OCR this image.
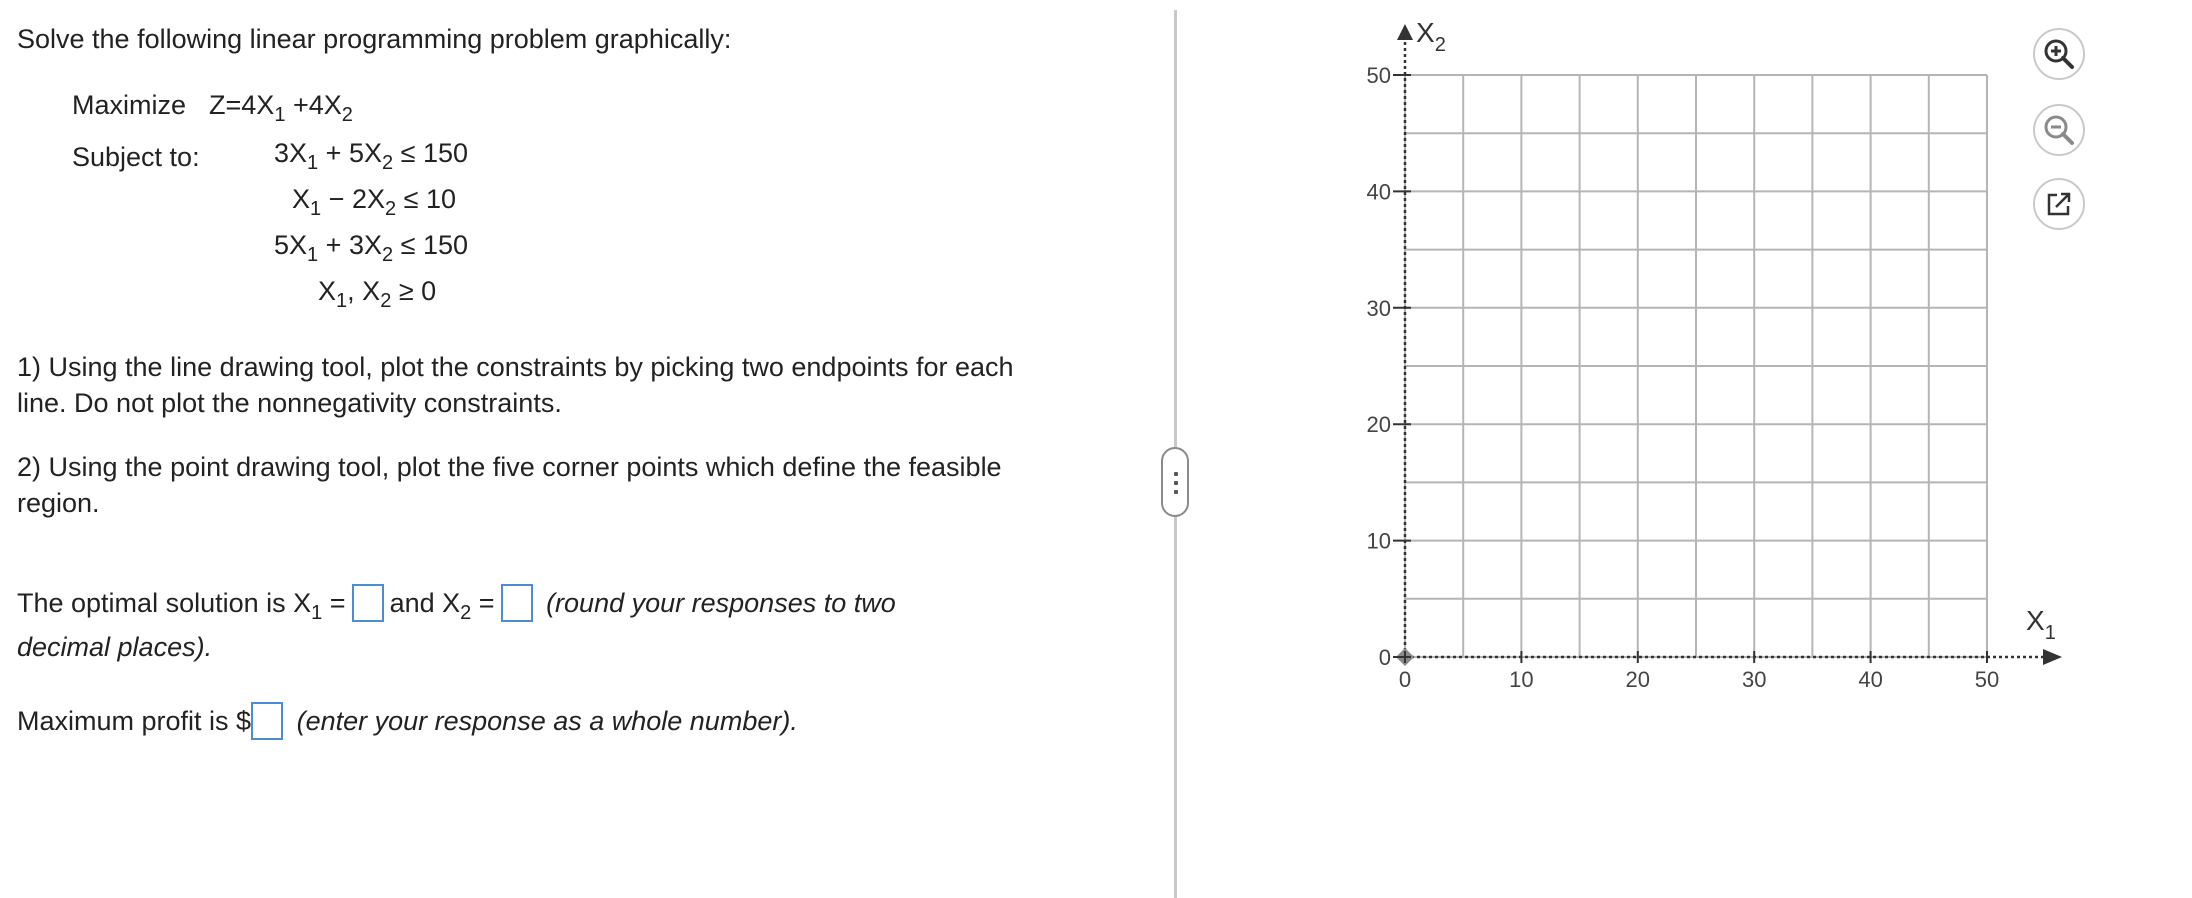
Solve the following linear programming problem graphically:
Maximize $Z=4X_1 +4X_2$
Subject to:	$3X_1 + 5X_2 \le 150$
$X_1 - 2X_2 \le 10$
$5X_1 + 3X_2 \le 150$
$X_1$, $X_2 \ge 0$
1) Using the line drawing tool, plot the constraints by picking two endpoints for each
line. Do not plot the nonnegativity constraints.
2) Using the point drawing tool, plot the five corner points which define the feasible
region.
The optimal solution is $X_1$ = and $X_2$ = (round your responses to two
decimal places).
Maximum profit is $ (enter your response as a whole number).
0	10	20	30	40	50
0
10
20
30
40
50
$X_2$
$X_1$
